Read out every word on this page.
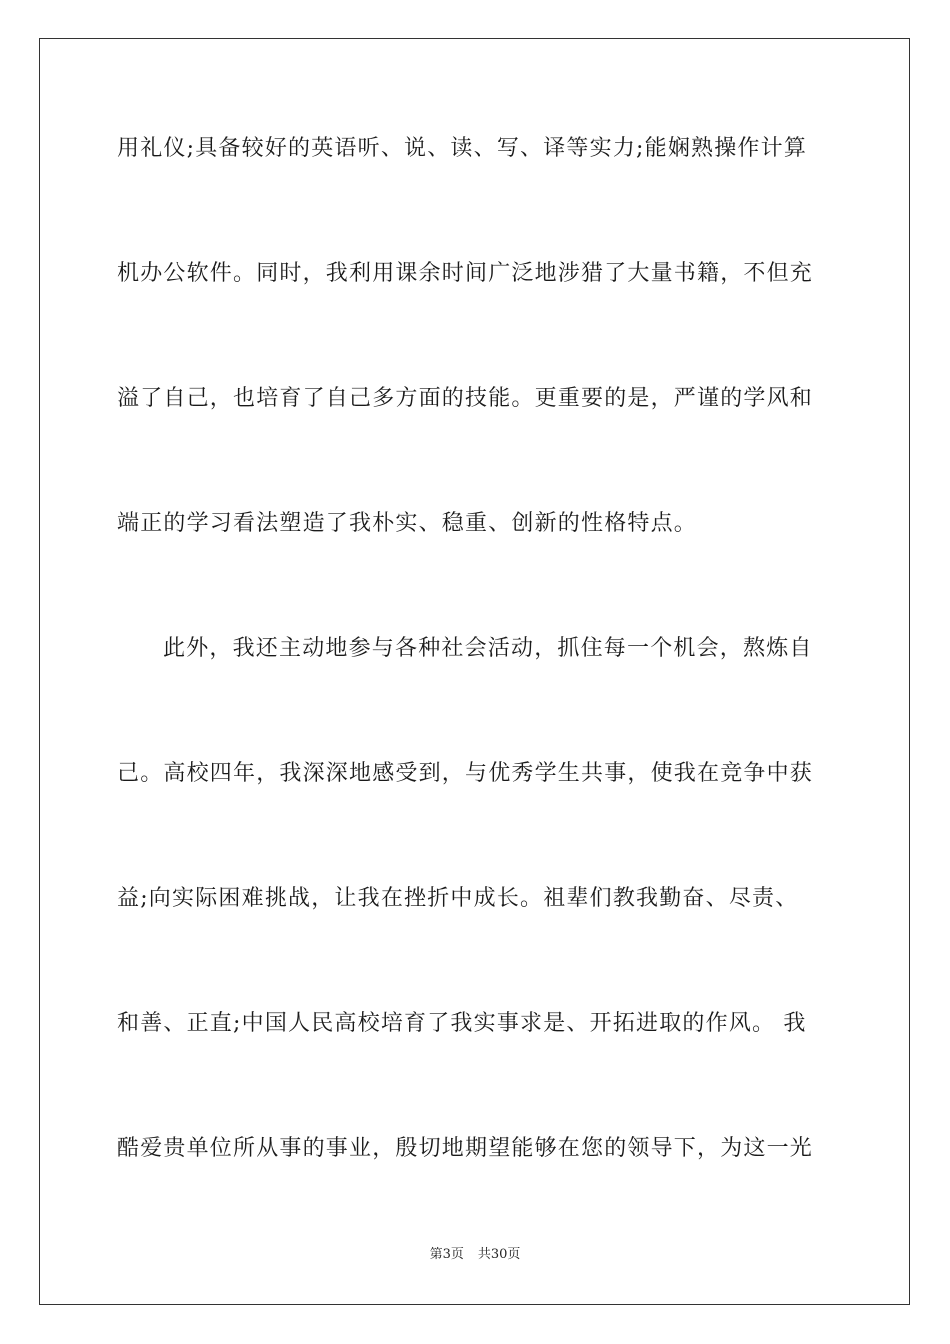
用礼仪;具备较好的英语听、说、读、写、译等实力;能娴熟操作计算
机办公软件。同时，我利用课余时间广泛地涉猎了大量书籍，不但充
溢了自己，也培育了自己多方面的技能。更重要的是，严谨的学风和
端正的学习看法塑造了我朴实、稳重、创新的性格特点。
此外，我还主动地参与各种社会活动，抓住每一个机会，熬炼自
己。高校四年，我深深地感受到，与优秀学生共事，使我在竞争中获
益;向实际困难挑战，让我在挫折中成长。祖辈们教我勤奋、尽责、
和善、正直;中国人民高校培育了我实事求是、开拓进取的作风。 我
酷爱贵单位所从事的事业，殷切地期望能够在您的领导下，为这一光
第3页 共30页
